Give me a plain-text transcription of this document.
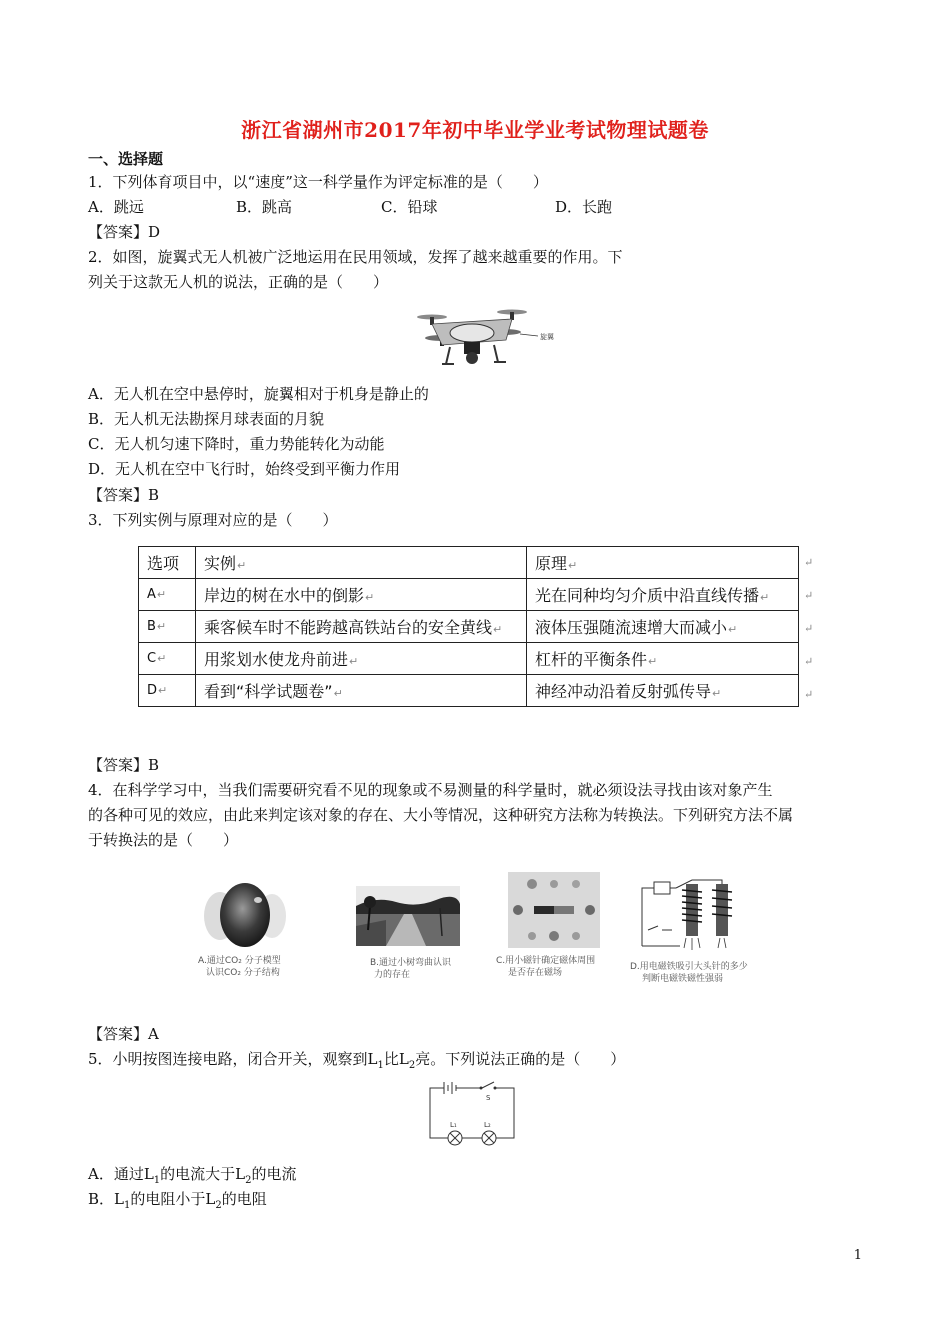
浙江省湖州市2017年初中毕业学业考试物理试题卷
一、选择题
1．下列体育项目中，以“速度”这一科学量作为评定标准的是（　　）
A．跳远	B．跳高	C．铅球	D．长跑
【答案】D
2．如图，旋翼式无人机被广泛地运用在民用领域，发挥了越来越重要的作用。下
列关于这款无人机的说法，正确的是（　　）
旋翼
A．无人机在空中悬停时，旋翼相对于机身是静止的
B．无人机无法勘探月球表面的月貌
C．无人机匀速下降时，重力势能转化为动能
D．无人机在空中飞行时，始终受到平衡力作用
【答案】B
3．下列实例与原理对应的是（　　）
选项	实例↵	原理↵
A↵	岸边的树在水中的倒影↵	光在同种均匀介质中沿直线传播↵
B↵	乘客候车时不能跨越高铁站台的安全黄线↵	液体压强随流速增大而减小↵
C↵	用浆划水使龙舟前进↵	杠杆的平衡条件↵
D↵	看到“科学试题卷”↵	神经冲动沿着反射弧传导↵
↵
↵
↵
↵
↵
【答案】B
4．在科学学习中，当我们需要研究看不见的现象或不易测量的科学量时，就必须设法寻找由该对象产生
的各种可见的效应，由此来判定该对象的存在、大小等情况，这种研究方法称为转换法。下列研究方法不属
于转换法的是（　　）
A.通过CO₂ 分子模型
认识CO₂ 分子结构
B.通过小树弯曲认识
力的存在
C.用小磁针确定磁体周围
是否存在磁场
D.用电磁铁吸引大头针的多少
判断电磁铁磁性强弱
【答案】A
5．小明按图连接电路，闭合开关，观察到$L_1$比$L_2$亮。下列说法正确的是（　　）
S
L₁	L₂
A．通过$L_1$的电流大于$L_2$的电流
B．$L_1$的电阻小于$L_2$的电阻
1
